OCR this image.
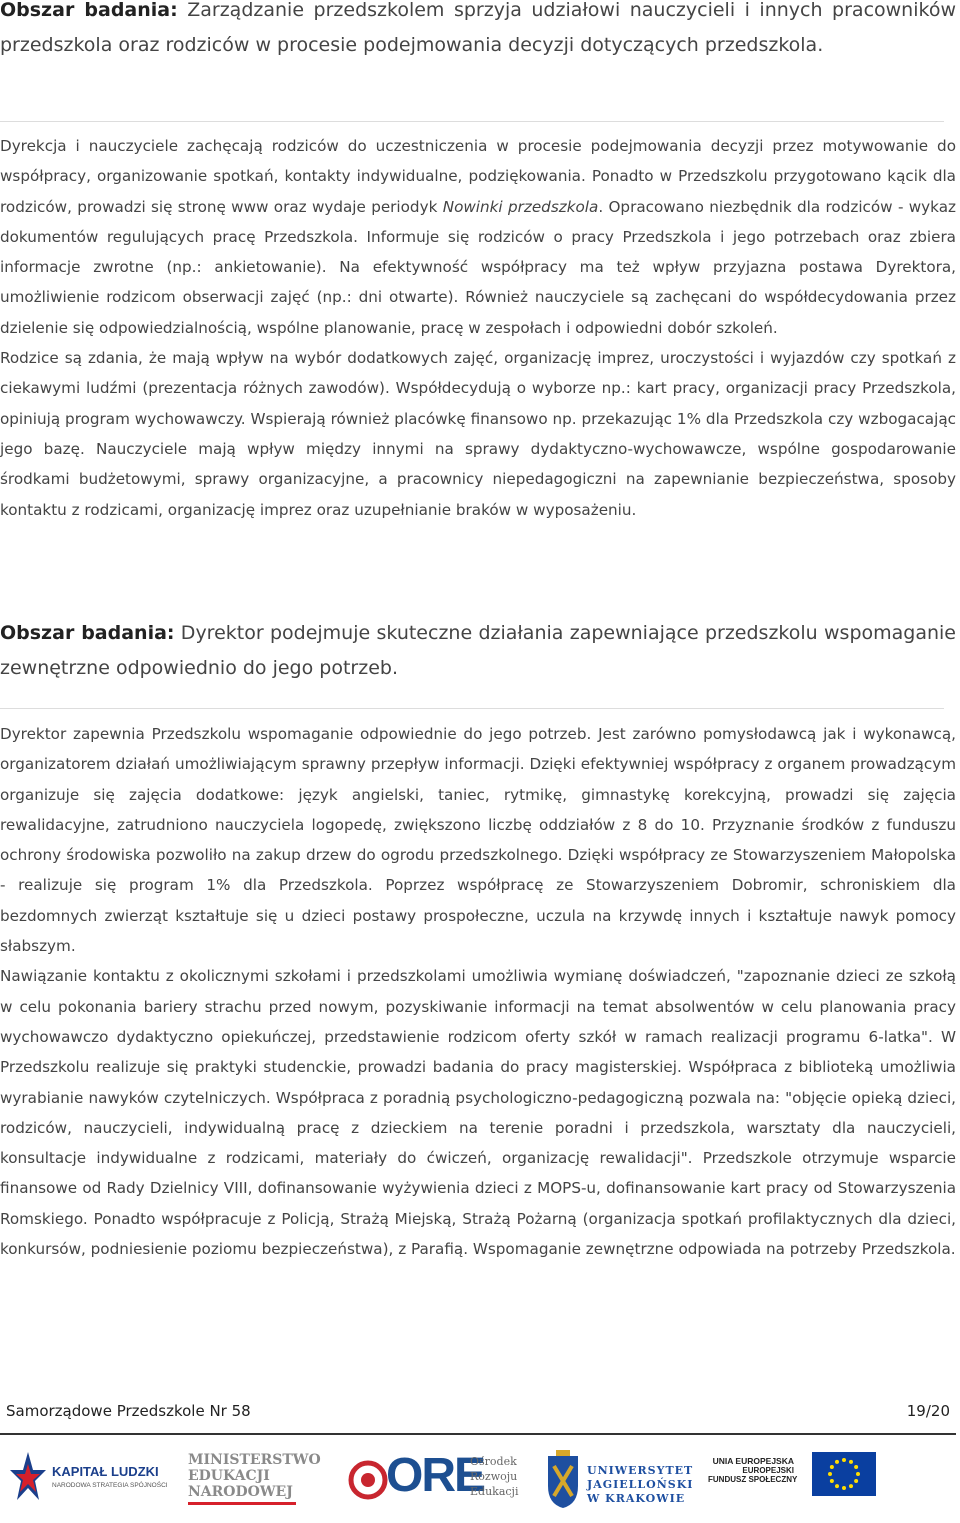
Obszar badania: Zarządzanie przedszkolem sprzyja udziałowi nauczycieli i innych pracowników przedszkola oraz rodziców w procesie podejmowania decyzji dotyczących przedszkola.

Dyrekcja i nauczyciele zachęcają rodziców do uczestniczenia w procesie podejmowania decyzji przez motywowanie do współpracy, organizowanie spotkań, kontakty indywidualne, podziękowania. Ponadto w Przedszkolu przygotowano kącik dla rodziców, prowadzi się stronę www oraz wydaje periodyk Nowinki przedszkola. Opracowano niezbędnik dla rodziców - wykaz dokumentów regulujących pracę Przedszkola. Informuje się rodziców o pracy Przedszkola i jego potrzebach oraz zbiera informacje zwrotne (np.: ankietowanie). Na efektywność współpracy ma też wpływ przyjazna postawa Dyrektora, umożliwienie rodzicom obserwacji zajęć (np.: dni otwarte). Również nauczyciele są zachęcani do współdecydowania przez dzielenie się odpowiedzialnością, wspólne planowanie, pracę w zespołach i odpowiedni dobór szkoleń.

Rodzice są zdania, że mają wpływ na wybór dodatkowych zajęć, organizację imprez, uroczystości i wyjazdów czy spotkań z ciekawymi ludźmi (prezentacja różnych zawodów). Współdecydują o wyborze np.: kart pracy, organizacji pracy Przedszkola, opiniują program wychowawczy. Wspierają również placówkę finansowo np. przekazując 1% dla Przedszkola czy wzbogacając jego bazę. Nauczyciele mają wpływ między innymi na sprawy dydaktyczno-wychowawcze, wspólne gospodarowanie środkami budżetowymi, sprawy organizacyjne, a pracownicy niepedagogiczni na zapewnianie bezpieczeństwa, sposoby kontaktu z rodzicami, organizację imprez oraz uzupełnianie braków w wyposażeniu.

Obszar badania: Dyrektor podejmuje skuteczne działania zapewniające przedszkolu wspomaganie zewnętrzne odpowiednio do jego potrzeb.

Dyrektor zapewnia Przedszkolu wspomaganie odpowiednie do jego potrzeb. Jest zarówno pomysłodawcą jak i wykonawcą, organizatorem działań umożliwiającym sprawny przepływ informacji. Dzięki efektywniej współpracy z organem prowadzącym organizuje się zajęcia dodatkowe: język angielski, taniec, rytmikę, gimnastykę korekcyjną, prowadzi się zajęcia rewalidacyjne, zatrudniono nauczyciela logopedę, zwiększono liczbę oddziałów z 8 do 10. Przyznanie środków z funduszu ochrony środowiska pozwoliło na zakup drzew do ogrodu przedszkolnego. Dzięki współpracy ze Stowarzyszeniem Małopolska - realizuje się program 1% dla Przedszkola. Poprzez współpracę ze Stowarzyszeniem Dobromir, schroniskiem dla bezdomnych zwierząt kształtuje się u dzieci postawy prospołeczne, uczula na krzywdę innych i kształtuje nawyk pomocy słabszym.

Nawiązanie kontaktu z okolicznymi szkołami i przedszkolami umożliwia wymianę doświadczeń, "zapoznanie dzieci ze szkołą w celu pokonania bariery strachu przed nowym, pozyskiwanie informacji na temat absolwentów w celu planowania pracy wychowawczo dydaktyczno opiekuńczej, przedstawienie rodzicom oferty szkół w ramach realizacji programu 6-latka". W Przedszkolu realizuje się praktyki studenckie, prowadzi badania do pracy magisterskiej. Współpraca z biblioteką umożliwia wyrabianie nawyków czytelniczych. Współpraca z poradnią psychologiczno-pedagogiczną pozwala na: "objęcie opieką dzieci, rodziców, nauczycieli, indywidualną pracę z dzieckiem na terenie poradni i przedszkola, warsztaty dla nauczycieli, konsultacje indywidualne z rodzicami, materiały do ćwiczeń, organizację rewalidacji". Przedszkole otrzymuje wsparcie finansowe od Rady Dzielnicy VIII, dofinansowanie wyżywienia dzieci z MOPS-u, dofinansowanie kart pracy od Stowarzyszenia Romskiego. Ponadto współpracuje z Policją, Strażą Miejską, Strażą Pożarną (organizacja spotkań profilaktycznych dla dzieci, konkursów, podniesienie poziomu bezpieczeństwa), z Parafią. Wspomaganie zewnętrzne odpowiada na potrzeby Przedszkola.

Samorządowe Przedszkole Nr 58	19/20
KAPITAŁ LUDZKI
NARODOWA STRATEGIA SPÓJNOŚCI
MINISTERSTWO
EDUKACJI
NARODOWEJ	ORE
Ośrodek
Rozwoju
Edukacji
UNIWERSYTET
JAGIELLOŃSKI
W KRAKOWIE
UNIA EUROPEJSKA
EUROPEJSKI
FUNDUSZ SPOŁECZNY
